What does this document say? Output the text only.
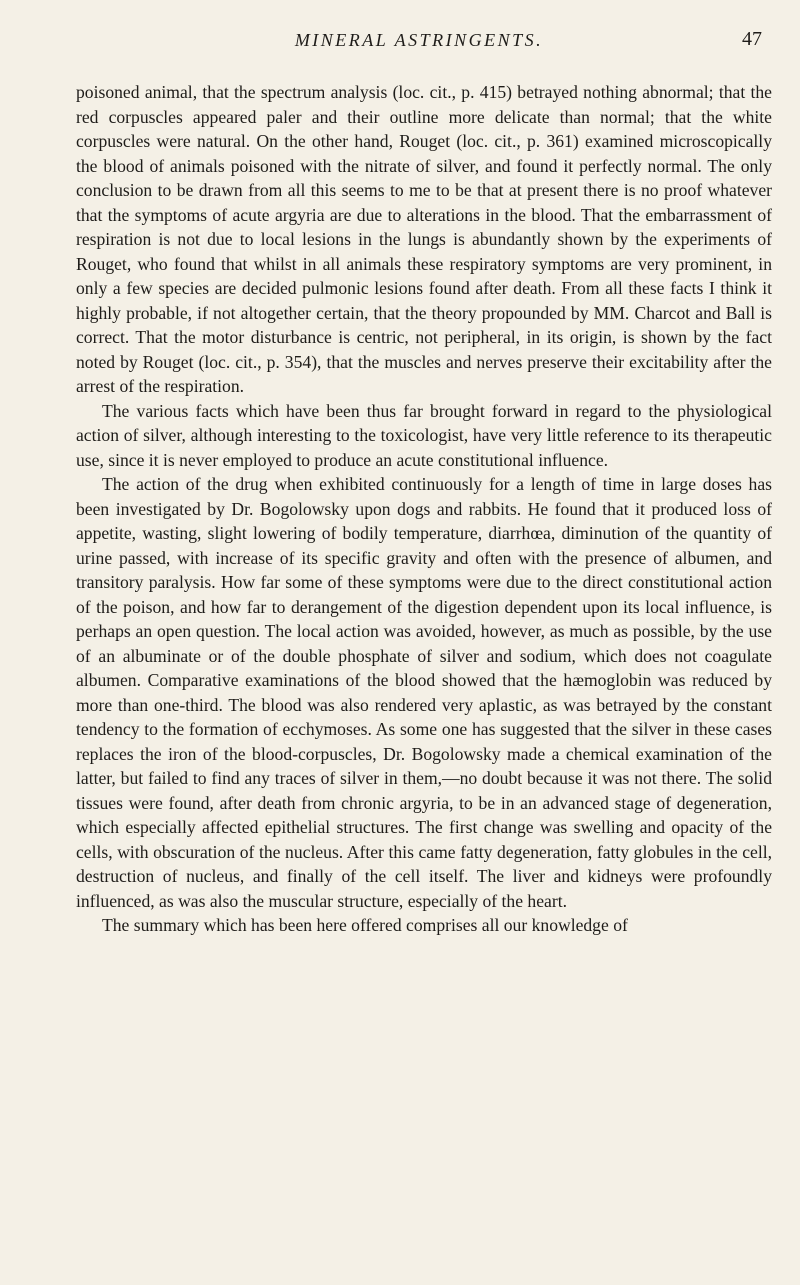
MINERAL ASTRINGENTS.	47

poisoned animal, that the spectrum analysis (loc. cit., p. 415) betrayed nothing abnormal; that the red corpuscles appeared paler and their outline more delicate than normal; that the white corpuscles were natural. On the other hand, Rouget (loc. cit., p. 361) examined microscopically the blood of animals poisoned with the nitrate of silver, and found it perfectly normal. The only conclusion to be drawn from all this seems to me to be that at present there is no proof whatever that the symptoms of acute argyria are due to alterations in the blood. That the embarrassment of respiration is not due to local lesions in the lungs is abundantly shown by the experiments of Rouget, who found that whilst in all animals these respiratory symptoms are very prominent, in only a few species are decided pulmonic lesions found after death. From all these facts I think it highly probable, if not altogether certain, that the theory propounded by MM. Charcot and Ball is correct. That the motor disturbance is centric, not peripheral, in its origin, is shown by the fact noted by Rouget (loc. cit., p. 354), that the muscles and nerves preserve their excitability after the arrest of the respiration.

The various facts which have been thus far brought forward in regard to the physiological action of silver, although interesting to the toxicologist, have very little reference to its therapeutic use, since it is never employed to produce an acute constitutional influence.

The action of the drug when exhibited continuously for a length of time in large doses has been investigated by Dr. Bogolowsky upon dogs and rabbits. He found that it produced loss of appetite, wasting, slight lowering of bodily temperature, diarrhœa, diminution of the quantity of urine passed, with increase of its specific gravity and often with the presence of albumen, and transitory paralysis. How far some of these symptoms were due to the direct constitutional action of the poison, and how far to derangement of the digestion dependent upon its local influence, is perhaps an open question. The local action was avoided, however, as much as possible, by the use of an albuminate or of the double phosphate of silver and sodium, which does not coagulate albumen. Comparative examinations of the blood showed that the hæmoglobin was reduced by more than one-third. The blood was also rendered very aplastic, as was betrayed by the constant tendency to the formation of ecchymoses. As some one has suggested that the silver in these cases replaces the iron of the blood-corpuscles, Dr. Bogolowsky made a chemical examination of the latter, but failed to find any traces of silver in them,—no doubt because it was not there. The solid tissues were found, after death from chronic argyria, to be in an advanced stage of degeneration, which especially affected epithelial structures. The first change was swelling and opacity of the cells, with obscuration of the nucleus. After this came fatty degeneration, fatty globules in the cell, destruction of nucleus, and finally of the cell itself. The liver and kidneys were profoundly influenced, as was also the muscular structure, especially of the heart.

The summary which has been here offered comprises all our knowledge of
